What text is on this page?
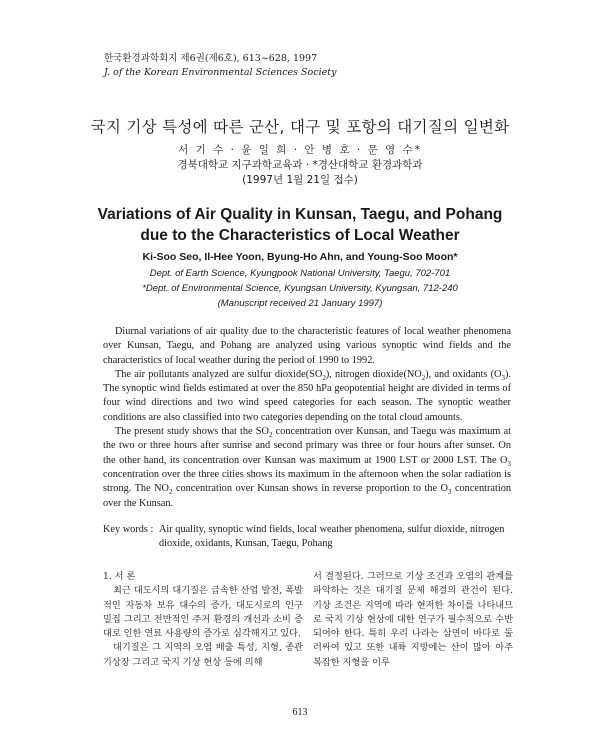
한국환경과학회지 제6권(제6호), 613~628, 1997
J. of the Korean Environmental Sciences Society
국지 기상 특성에 따른 군산, 대구 및 포항의 대기질의 일변화
서 기 수 · 윤 일 희 · 안 병 호 · 문 영 수*
경북대학교 지구과학교육과 · *경산대학교 환경과학과
(1997년 1월 21일 접수)
Variations of Air Quality in Kunsan, Taegu, and Pohang
due to the Characteristics of Local Weather
Ki-Soo Seo, Il-Hee Yoon, Byung-Ho Ahn, and Young-Soo Moon*
Dept. of Earth Science, Kyungpook National University, Taegu, 702-701
*Dept. of Environmental Science, Kyungsan University, Kyungsan, 712-240
(Manuscript received 21 January 1997)

Diurnal variations of air quality due to the characteristic features of local weather phenomena over Kunsan, Taegu, and Pohang are analyzed using various synoptic wind fields and the characteristics of local weather during the period of 1990 to 1992.

The air pollutants analyzed are sulfur $dioxide(SO_2)$, nitrogen $dioxide(NO_2)$, and oxidants $(O_3)$. The synoptic wind fields estimated at over the 850 hPa geopotential height are divided in terms of four wind directions and two wind speed categories for each season. The synoptic weather conditions are also classified into two categories depending on the total cloud amounts.

The present study shows that the $SO_2$ concentration over Kunsan, and Taegu was maximum at the two or three hours after sunrise and second primary was three or four hours after sunset. On the other hand, its concentration over Kunsan was maximum at 1900 LST or 2000 LST. The $O_3$ concentration over the three cities shows its maximum in the afternoon when the solar radiation is strong. The $NO_2$ concentration over Kunsan shows in reverse proportion to the $O_3$ concentration over the Kunsan.

Key words : Air quality, synoptic wind fields, local weather phenomena, sulfur dioxide, nitrogen dioxide, oxidants, Kunsan, Taegu, Pohang

1. 서 론

최근 대도시의 대기질은 급속한 산업 발전, 폭발적인 자동차 보유 대수의 증가, 대도시로의 인구 밀집 그리고 전반적인 주거 환경의 개선과 소비 증대로 인한 연료 사용량의 증가로 심각해지고 있다.

대기질은 그 지역의 오염 배출 특성, 지형, 종관 기상장 그리고 국지 기상 현상 등에 의해

서 결정된다. 그러므로 기상 조건과 오염의 관계를 파악하는 것은 대기질 문제 해결의 관건이 된다. 기상 조건은 지역에 따라 현저한 차이를 나타내므로 국지 기상 현상에 대한 연구가 필수적으로 수반되어야 한다. 특히 우리 나라는 삼면이 바다로 둘러싸여 있고 또한 내륙 지방에는 산이 많아 아주 복잡한 지형을 이루

613
